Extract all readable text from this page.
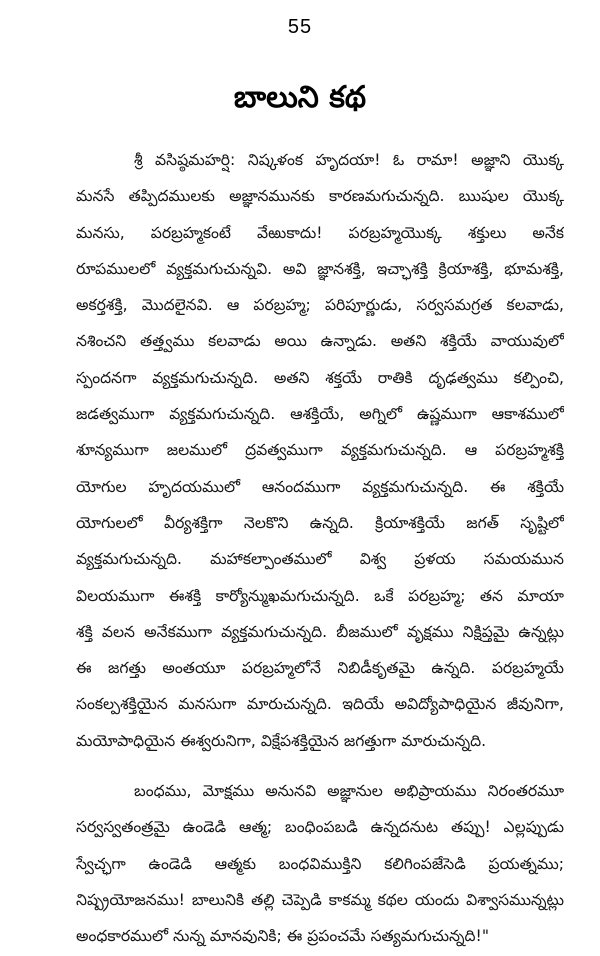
55
బాలుని కథ
శ్రీ వసిష్ఠమహర్షి: నిష్కళంక హృదయా! ఓ రామా! అజ్ఞాని యొక్క
మనసే తప్పిదములకు అజ్ఞానమునకు కారణమగుచున్నది. ఋషుల యొక్క
మనసు, పరబ్రహ్మకంటే వేఱుకాదు! పరబ్రహ్మయొక్క శక్తులు అనేక
రూపములలో వ్యక్తమగుచున్నవి. అవి జ్ఞానశక్తి, ఇచ్ఛాశక్తి క్రియాశక్తి, భూమశక్తి,
అకర్తశక్తి, మొదలైనవి. ఆ పరబ్రహ్మ; పరిపూర్ణుడు, సర్వసమగ్రత కలవాడు,
నశించని తత్త్వము కలవాడు అయి ఉన్నాడు. అతని శక్తియే వాయువులో
స్పందనగా వ్యక్తమగుచున్నది. అతని శక్తయే రాతికి దృఢత్వము కల్పించి,
జడత్వముగా వ్యక్తమగుచున్నది. ఆశక్తియే, అగ్నిలో ఉష్ణముగా ఆకాశములో
శూన్యముగా జలములో ద్రవత్వముగా వ్యక్తమగుచున్నది. ఆ పరబ్రహ్మశక్తి
యోగుల హృదయములో ఆనందముగా వ్యక్తమగుచున్నది. ఈ శక్తియే
యోగులలో వీర్యశక్తిగా నెలకొని ఉన్నది. క్రియాశక్తియే జగత్ సృష్టిలో
వ్యక్తమగుచున్నది. మహాకల్పాంతములో విశ్వ ప్రళయ సమయమున
విలయముగా ఈశక్తి కార్యోన్ముఖమగుచున్నది. ఒకే పరబ్రహ్మ; తన మాయా
శక్తి వలన అనేకముగా వ్యక్తమగుచున్నది. బీజములో వృక్షము నిక్షిప్తమై ఉన్నట్లు
ఈ జగత్తు అంతయూ పరబ్రహ్మలోనే నిబిడీకృతమై ఉన్నది. పరబ్రహ్మయే
సంకల్పశక్తియైన మనసుగా మారుచున్నది. ఇదియే అవిద్యోపాధియైన జీవునిగా,
మయోపాధియైన ఈశ్వరునిగా, విక్షేపశక్తియైన జగత్తుగా మారుచున్నది.
బంధము, మోక్షము అనునవి అజ్ఞానుల అభిప్రాయము నిరంతరమూ
సర్వస్వతంత్రమై ఉండెడి ఆత్మ; బంధింపబడి ఉన్నదనుట తప్పు! ఎల్లప్పుడు
స్వేచ్ఛగా ఉండెడి ఆత్మకు బంధవిముక్తిని కలిగింపజేసెడి ప్రయత్నము;
నిష్ప్రయోజనము! బాలునికి తల్లి చెప్పెడి కాకమ్మ కథల యందు విశ్వాసమున్నట్లు
అంధకారములో నున్న మానవునికి; ఈ ప్రపంచమే సత్యమగుచున్నది!"
